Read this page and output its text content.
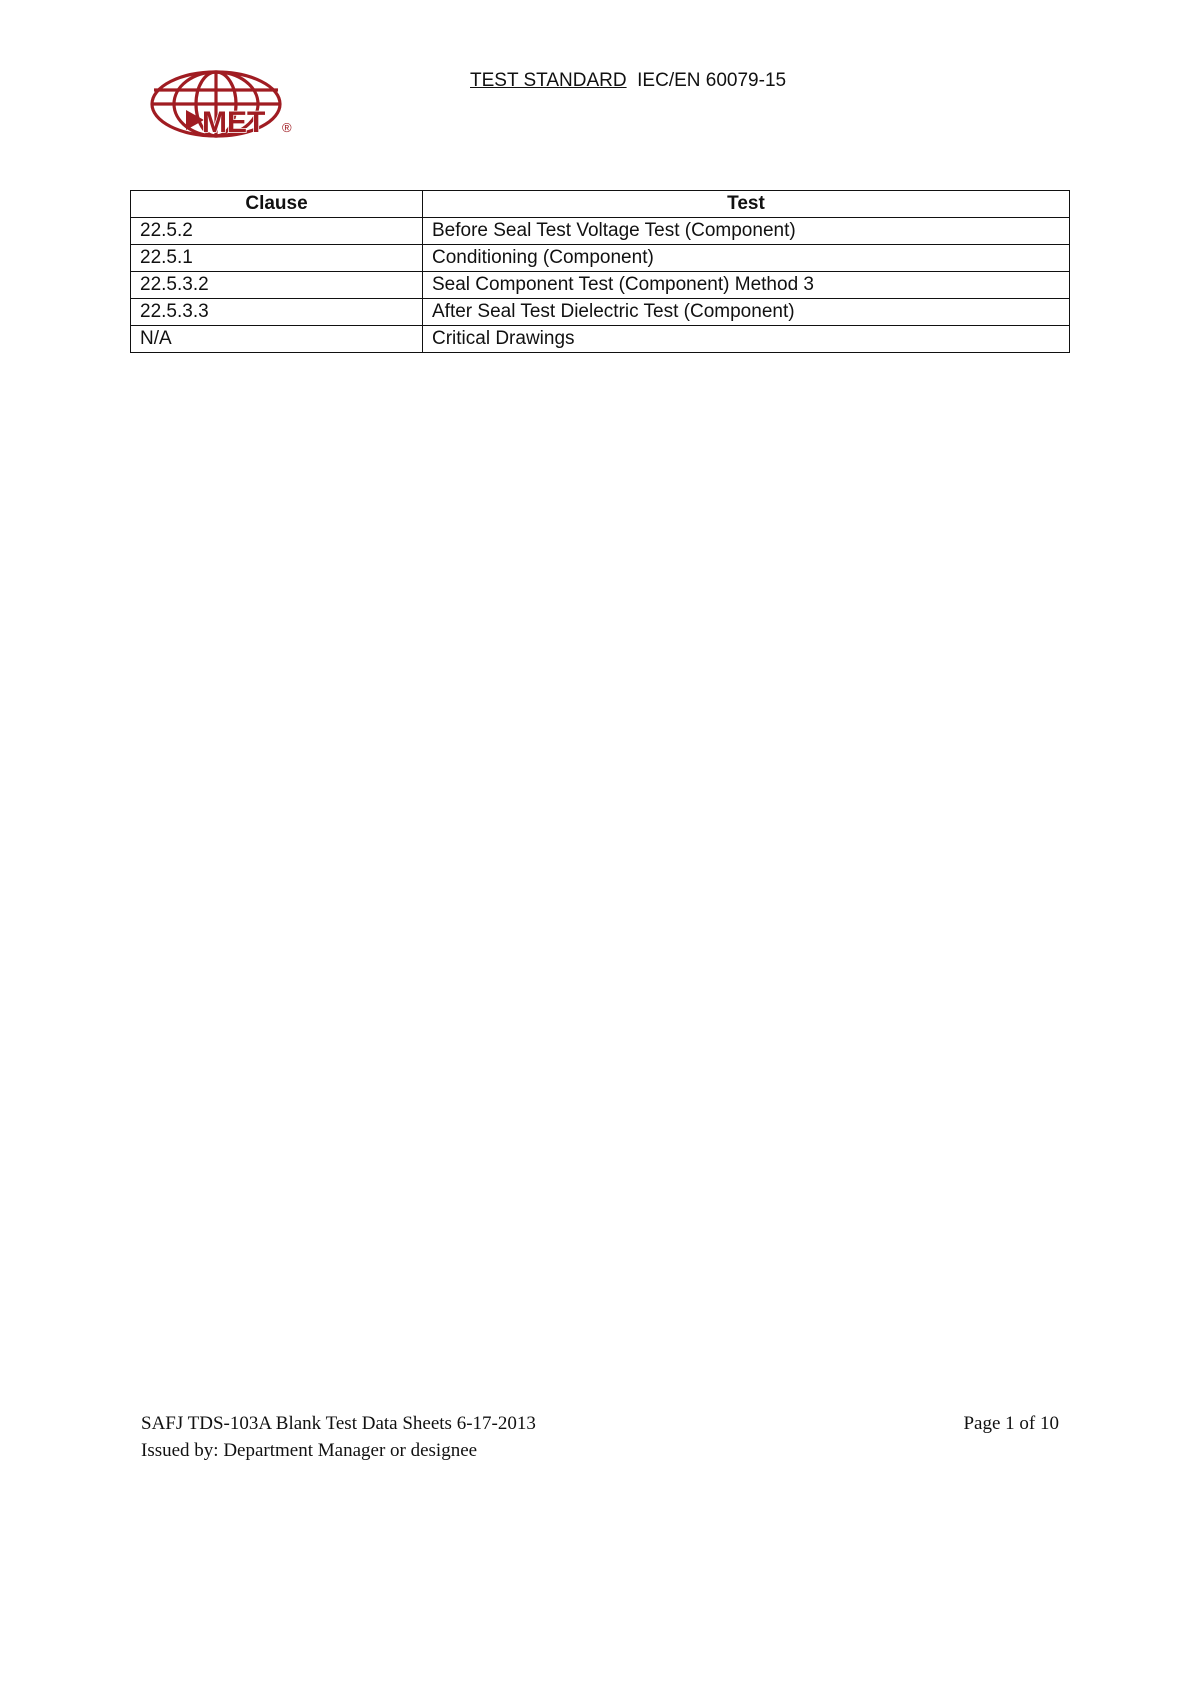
MET ®
TEST STANDARD IEC/EN 60079-15
Clause	Test
22.5.2	Before Seal Test Voltage Test (Component)
22.5.1	Conditioning (Component)
22.5.3.2	Seal Component Test (Component) Method 3
22.5.3.3	After Seal Test Dielectric Test (Component)
N/A	Critical Drawings
SAFJ TDS-103A Blank Test Data Sheets 6-17-2013	Page 1 of 10
Issued by: Department Manager or designee
